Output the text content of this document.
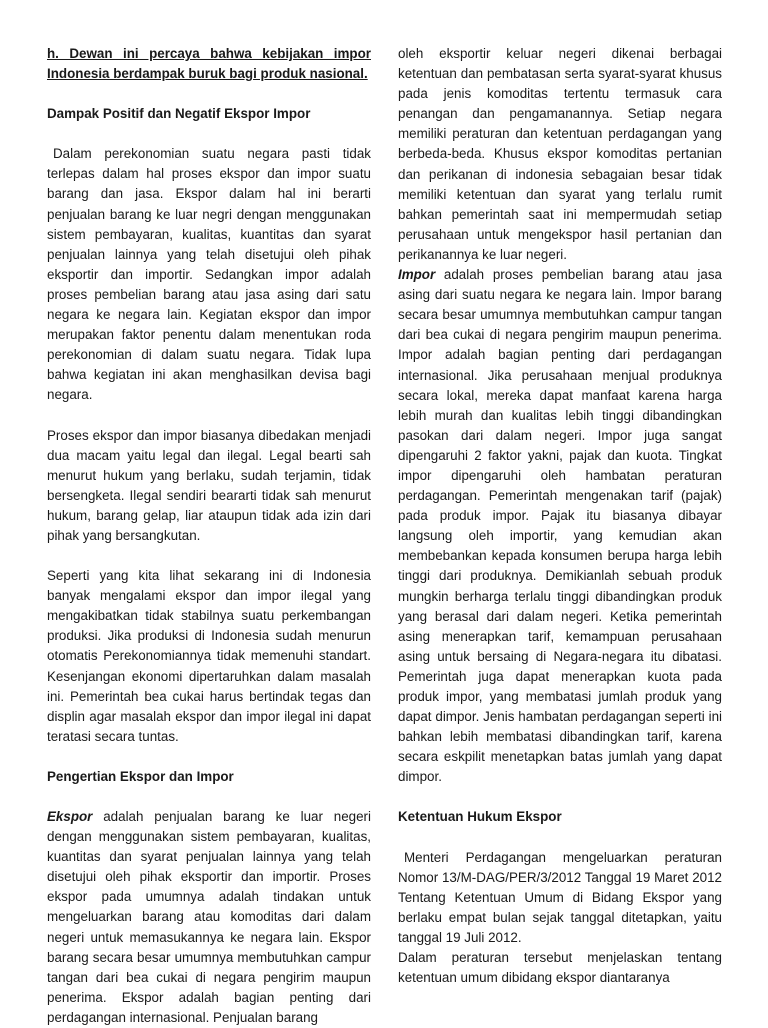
h. Dewan ini percaya bahwa kebijakan impor Indonesia berdampak buruk bagi produk nasional.

Dampak Positif dan Negatif Ekspor Impor

Dalam perekonomian suatu negara pasti tidak terlepas dalam hal proses ekspor dan impor suatu barang dan jasa. Ekspor dalam hal ini berarti penjualan barang ke luar negri dengan menggunakan sistem pembayaran, kualitas, kuantitas dan syarat penjualan lainnya yang telah disetujui oleh pihak eksportir dan importir. Sedangkan impor adalah proses pembelian barang atau jasa asing dari satu negara ke negara lain. Kegiatan ekspor dan impor merupakan faktor penentu dalam menentukan roda perekonomian di dalam suatu negara. Tidak lupa bahwa kegiatan ini akan menghasilkan devisa bagi negara.

Proses ekspor dan impor biasanya dibedakan menjadi dua macam yaitu legal dan ilegal. Legal bearti sah menurut hukum yang berlaku, sudah terjamin, tidak bersengketa. Ilegal sendiri beararti tidak sah menurut hukum, barang gelap, liar ataupun tidak ada izin dari pihak yang bersangkutan.

Seperti yang kita lihat sekarang ini di Indonesia banyak mengalami ekspor dan impor ilegal yang mengakibatkan tidak stabilnya suatu perkembangan produksi. Jika produksi di Indonesia sudah menurun otomatis Perekonomiannya tidak memenuhi standart. Kesenjangan ekonomi dipertaruhkan dalam masalah ini. Pemerintah bea cukai harus bertindak tegas dan displin agar masalah ekspor dan impor ilegal ini dapat teratasi secara tuntas.

Pengertian Ekspor dan Impor

Ekspor adalah penjualan barang ke luar negeri dengan menggunakan sistem pembayaran, kualitas, kuantitas dan syarat penjualan lainnya yang telah disetujui oleh pihak eksportir dan importir. Proses ekspor pada umumnya adalah tindakan untuk mengeluarkan barang atau komoditas dari dalam negeri untuk memasukannya ke negara lain. Ekspor barang secara besar umumnya membutuhkan campur tangan dari bea cukai di negara pengirim maupun penerima. Ekspor adalah bagian penting dari perdagangan internasional. Penjualan barang

oleh eksportir keluar negeri dikenai berbagai ketentuan dan pembatasan serta syarat-syarat khusus pada jenis komoditas tertentu termasuk cara penangan dan pengamanannya. Setiap negara memiliki peraturan dan ketentuan perdagangan yang berbeda-beda. Khusus ekspor komoditas pertanian dan perikanan di indonesia sebagaian besar tidak memiliki ketentuan dan syarat yang terlalu rumit bahkan pemerintah saat ini mempermudah setiap perusahaan untuk mengekspor hasil pertanian dan perikanannya ke luar negeri.

Impor adalah proses pembelian barang atau jasa asing dari suatu negara ke negara lain. Impor barang secara besar umumnya membutuhkan campur tangan dari bea cukai di negara pengirim maupun penerima. Impor adalah bagian penting dari perdagangan internasional. Jika perusahaan menjual produknya secara lokal, mereka dapat manfaat karena harga lebih murah dan kualitas lebih tinggi dibandingkan pasokan dari dalam negeri. Impor juga sangat dipengaruhi 2 faktor yakni, pajak dan kuota. Tingkat impor dipengaruhi oleh hambatan peraturan perdagangan. Pemerintah mengenakan tarif (pajak) pada produk impor. Pajak itu biasanya dibayar langsung oleh importir, yang kemudian akan membebankan kepada konsumen berupa harga lebih tinggi dari produknya. Demikianlah sebuah produk mungkin berharga terlalu tinggi dibandingkan produk yang berasal dari dalam negeri. Ketika pemerintah asing menerapkan tarif, kemampuan perusahaan asing untuk bersaing di Negara-negara itu dibatasi. Pemerintah juga dapat menerapkan kuota pada produk impor, yang membatasi jumlah produk yang dapat dimpor. Jenis hambatan perdagangan seperti ini bahkan lebih membatasi dibandingkan tarif, karena secara eskpilit menetapkan batas jumlah yang dapat dimpor.

Ketentuan Hukum Ekspor

Menteri Perdagangan mengeluarkan peraturan Nomor 13/M-DAG/PER/3/2012 Tanggal 19 Maret 2012 Tentang Ketentuan Umum di Bidang Ekspor yang berlaku empat bulan sejak tanggal ditetapkan, yaitu tanggal 19 Juli 2012.

Dalam peraturan tersebut menjelaskan tentang ketentuan umum dibidang ekspor diantaranya
